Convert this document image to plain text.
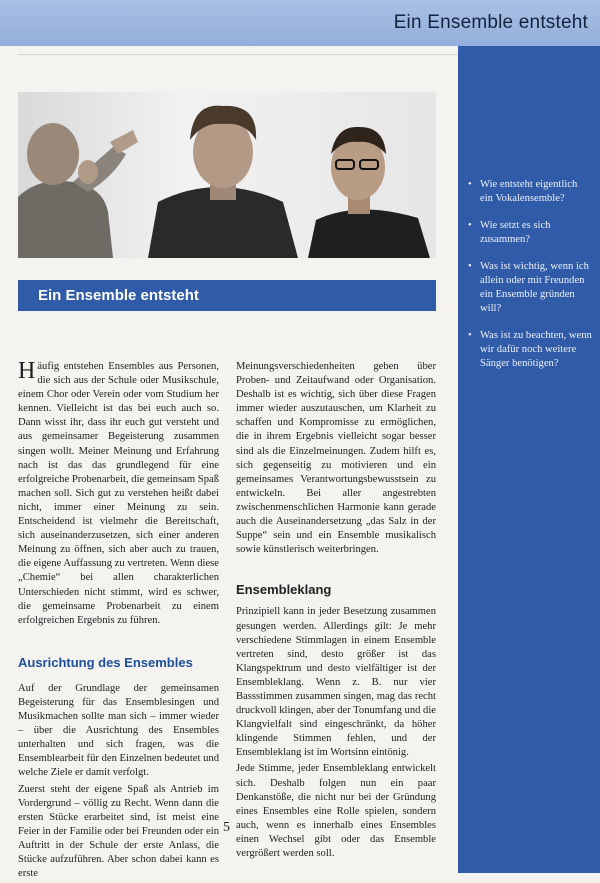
Ein Ensemble entsteht
• Wie entsteht eigentlich ein Vokalensemble?
• Wie setzt es sich zusammen?
• Was ist wichtig, wenn ich allein oder mit Freunden ein Ensemble gründen will?
• Was ist zu beachten, wenn wir dafür noch weitere Sänger benötigen?
Ein Ensemble entsteht

Häufig entstehen Ensembles aus Personen, die sich aus der Schule oder Musikschule, einem Chor oder Verein oder vom Studium her kennen. Vielleicht ist das bei euch auch so. Dann wisst ihr, dass ihr euch gut versteht und aus gemeinsamer Begeisterung zusammen singen wollt. Meiner Meinung und Erfahrung nach ist das das grundlegend für eine erfolgreiche Probenarbeit, die gemeinsam Spaß machen soll. Sich gut zu verstehen heißt dabei nicht, immer einer Meinung zu sein. Entscheidend ist vielmehr die Bereitschaft, sich auseinanderzusetzen, sich einer anderen Meinung zu öffnen, sich aber auch zu trauen, die eigene Auffassung zu vertreten. Wenn diese „Chemie“ bei allen charakterlichen Unterschieden nicht stimmt, wird es schwer, die gemeinsame Probenarbeit zu einem erfolgreichen Ergebnis zu führen.

Ausrichtung des Ensembles

Auf der Grundlage der gemeinsamen Begeisterung für das Ensemblesingen und Musikmachen sollte man sich – immer wieder – über die Ausrichtung des Ensembles unterhalten und sich fragen, was die Ensemblearbeit für den Einzelnen bedeutet und welche Ziele er damit verfolgt.

Zuerst steht der eigene Spaß als Antrieb im Vordergrund – völlig zu Recht. Wenn dann die ersten Stücke erarbeitet sind, ist meist eine Feier in der Familie oder bei Freunden oder ein Auftritt in der Schule der erste Anlass, die Stücke aufzuführen. Aber schon dabei kann es erste

Meinungsverschiedenheiten geben über Proben- und Zeitaufwand oder Organisation. Deshalb ist es wichtig, sich über diese Fragen immer wieder auszutauschen, um Klarheit zu schaffen und Kompromisse zu ermöglichen, die in ihrem Ergebnis vielleicht sogar besser sind als die Einzelmeinungen. Zudem hilft es, sich gegenseitig zu motivieren und ein gemeinsames Verantwortungsbewusstsein zu entwickeln. Bei aller angestrebten zwischenmenschlichen Harmonie kann gerade auch die Auseinandersetzung „das Salz in der Suppe“ sein und ein Ensemble musikalisch sowie künstlerisch weiterbringen.

Ensembleklang

Prinzipiell kann in jeder Besetzung zusammen gesungen werden. Allerdings gilt: Je mehr verschiedene Stimmlagen in einem Ensemble vertreten sind, desto größer ist das Klangspektrum und desto vielfältiger ist der Ensembleklang. Wenn z. B. nur vier Bassstimmen zusammen singen, mag das recht druckvoll klingen, aber der Tonumfang und die Klangvielfalt sind eingeschränkt, da höher klingende Stimmen fehlen, und der Ensembleklang ist im Wortsinn eintönig.

Jede Stimme, jeder Ensembleklang entwickelt sich. Deshalb folgen nun ein paar Denkanstöße, die nicht nur bei der Gründung eines Ensembles eine Rolle spielen, sondern auch, wenn es innerhalb eines Ensembles einen Wechsel gibt oder das Ensemble vergrößert werden soll.

5
